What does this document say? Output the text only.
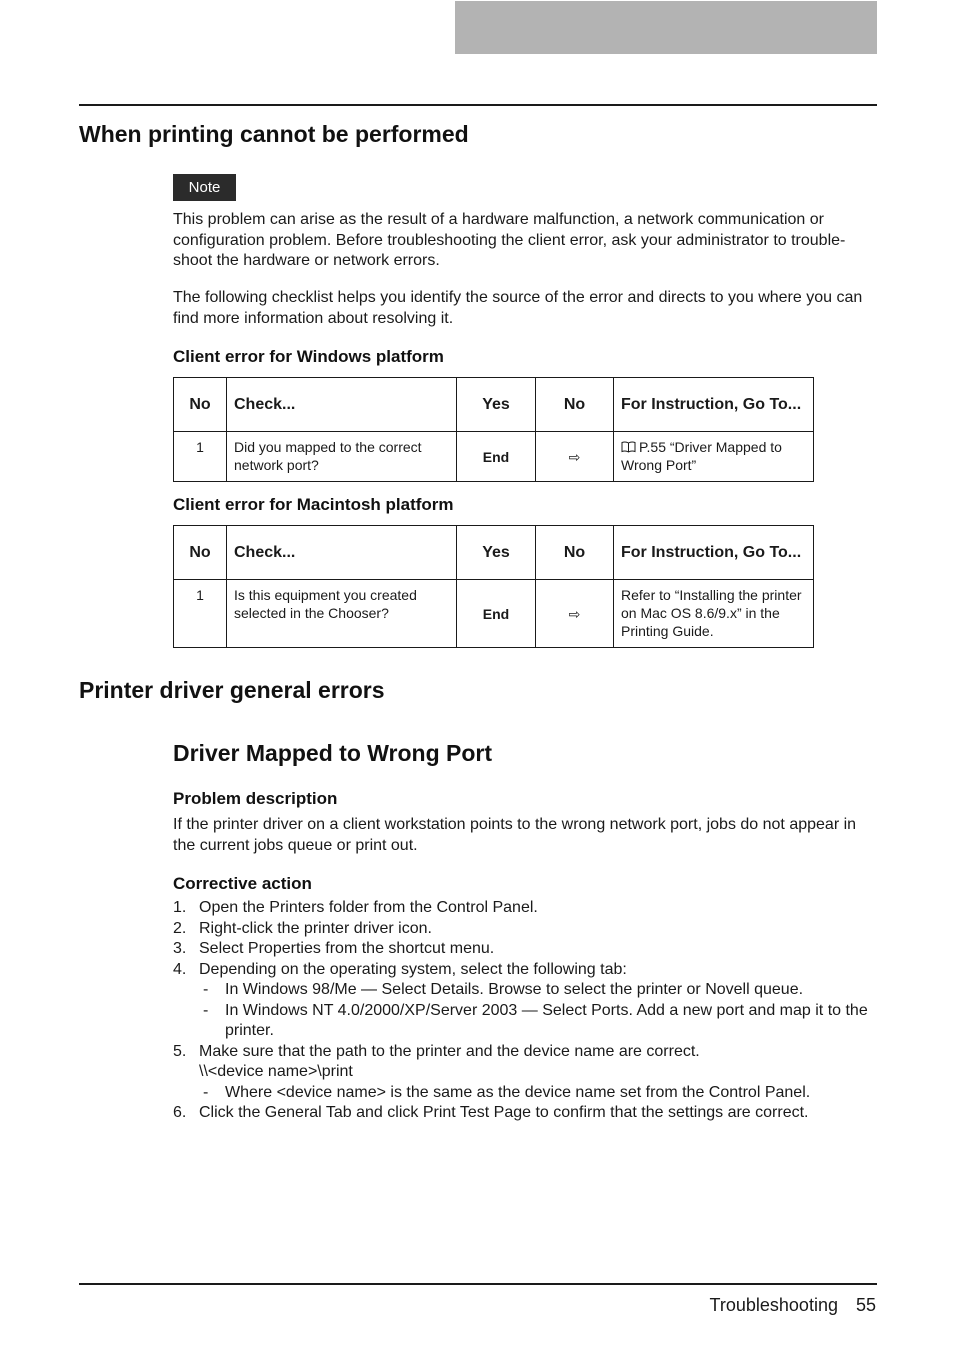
When printing cannot be performed
Note

This problem can arise as the result of a hardware malfunction, a network communication or configuration problem. Before troubleshooting the client error, ask your administrator to trouble-shoot the hardware or network errors.

The following checklist helps you identify the source of the error and directs to you where you can find more information about resolving it.

Client error for Windows platform
No	Check...	Yes	No	For Instruction, Go To...
1	Did you mapped to the correct network port?	End	⇨	P.55 “Driver Mapped to Wrong Port”
Client error for Macintosh platform
No	Check...	Yes	No	For Instruction, Go To...
1	Is this equipment you created selected in the Chooser?	End	⇨	Refer to “Installing the printer on Mac OS 8.6/9.x” in the Printing Guide.
Printer driver general errors
Driver Mapped to Wrong Port
Problem description

If the printer driver on a client workstation points to the wrong network port, jobs do not appear in the current jobs queue or print out.

Corrective action
1. Open the Printers folder from the Control Panel.
2. Right-click the printer driver icon.
3. Select Properties from the shortcut menu.
4. Depending on the operating system, select the following tab:
- In Windows 98/Me — Select Details. Browse to select the printer or Novell queue.
- In Windows NT 4.0/2000/XP/Server 2003 — Select Ports. Add a new port and map it to the printer.
5. Make sure that the path to the printer and the device name are correct.
\\<device name>\print
- Where <device name> is the same as the device name set from the Control Panel.
6. Click the General Tab and click Print Test Page to confirm that the settings are correct.
Troubleshooting 55
